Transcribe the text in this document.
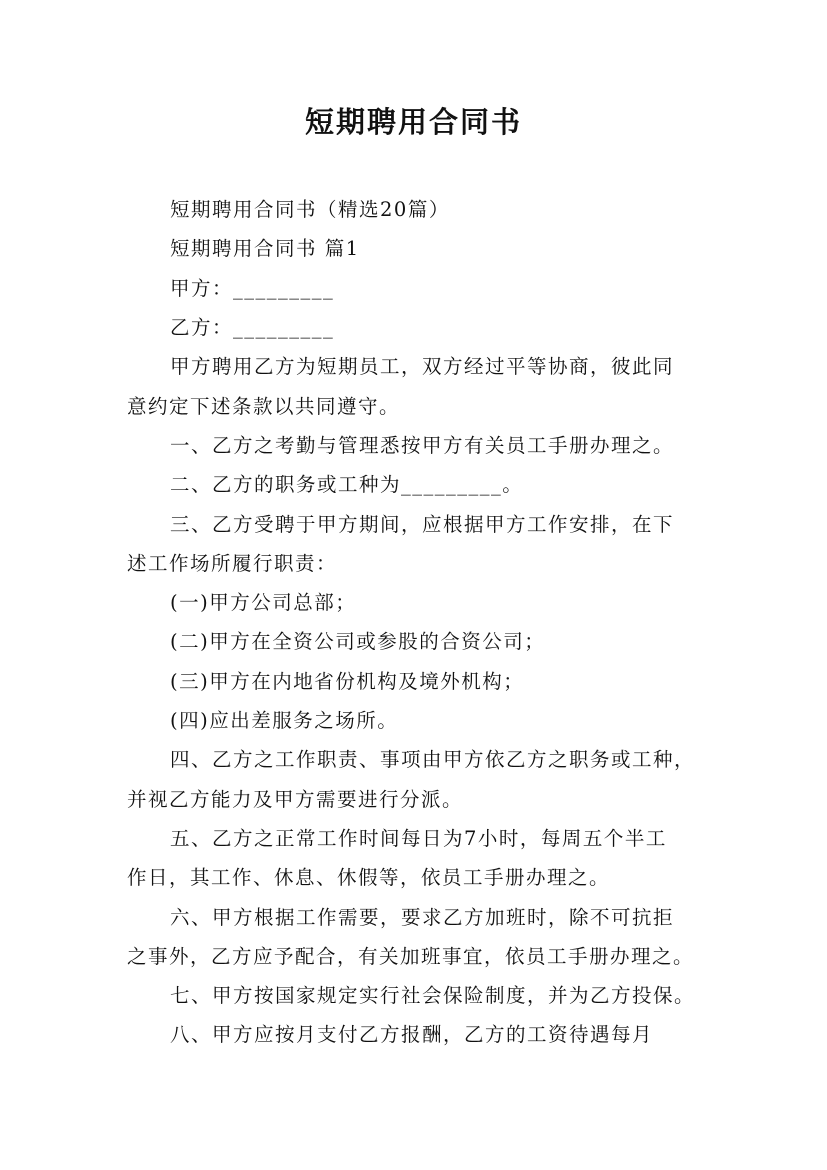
短期聘用合同书
短期聘用合同书（精选20篇）
短期聘用合同书 篇1
甲方：_________
乙方：_________
甲方聘用乙方为短期员工，双方经过平等协商，彼此同
意约定下述条款以共同遵守。
一、乙方之考勤与管理悉按甲方有关员工手册办理之。
二、乙方的职务或工种为_________。
三、乙方受聘于甲方期间，应根据甲方工作安排，在下
述工作场所履行职责：
(一)甲方公司总部；
(二)甲方在全资公司或参股的合资公司；
(三)甲方在内地省份机构及境外机构；
(四)应出差服务之场所。
四、乙方之工作职责、事项由甲方依乙方之职务或工种，
并视乙方能力及甲方需要进行分派。
五、乙方之正常工作时间每日为7小时，每周五个半工
作日，其工作、休息、休假等，依员工手册办理之。
六、甲方根据工作需要，要求乙方加班时，除不可抗拒
之事外，乙方应予配合，有关加班事宜，依员工手册办理之。
七、甲方按国家规定实行社会保险制度，并为乙方投保。
八、甲方应按月支付乙方报酬，乙方的工资待遇每月
